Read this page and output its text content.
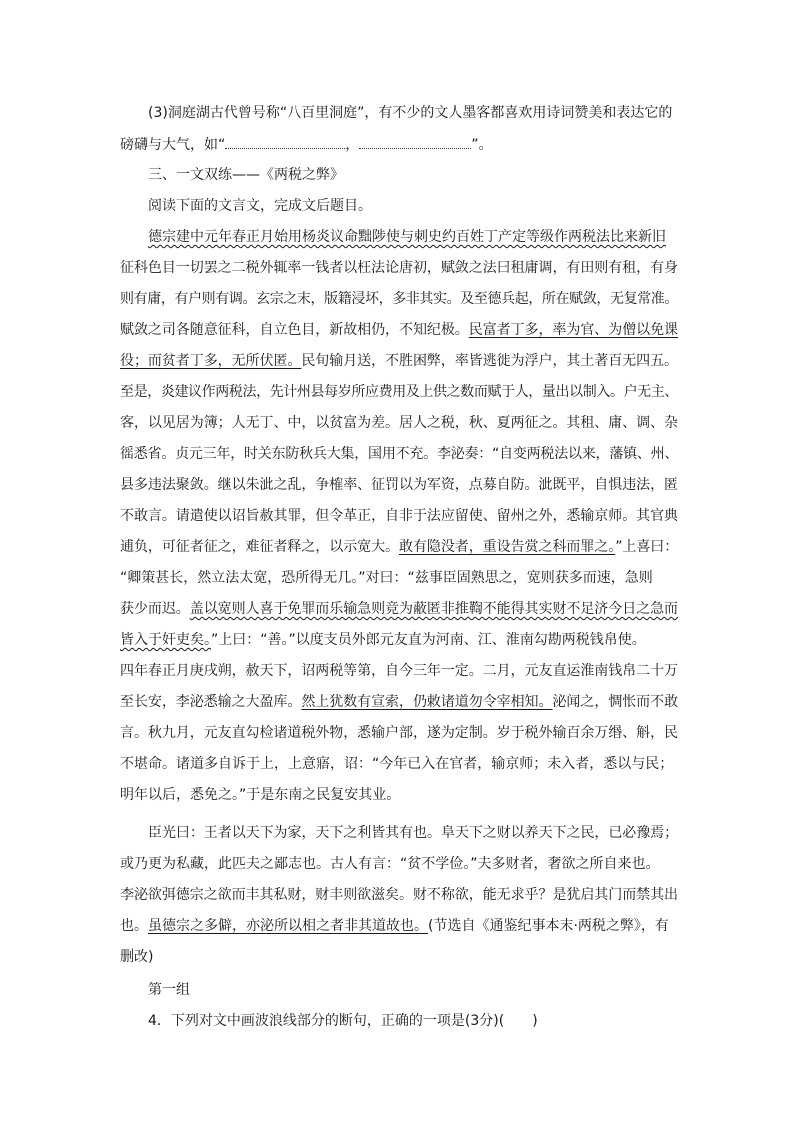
(3)洞庭湖古代曾号称“八百里洞庭”，有不少的文人墨客都喜欢用诗词赞美和表达它的
磅礴与大气，如“	，	”。
三、一文双练——《两税之弊》
阅读下面的文言文，完成文后题目。
德宗建中元年春正月始用杨炎议命黜陟使与刺史约百姓丁产定等级作两税法比来新旧
征科色目一切罢之二税外辄率一钱者以枉法论唐初，赋敛之法曰租庸调，有田则有租，有身
则有庸，有户则有调。玄宗之末，版籍浸坏，多非其实。及至德兵起，所在赋敛，无复常准。
赋敛之司各随意征科，自立色目，新故相仍，不知纪极。民富者丁多，率为官、为僧以免课
役；而贫者丁多，无所伏匿。民旬输月送，不胜困弊，率皆逃徙为浮户，其土著百无四五。
至是，炎建议作两税法，先计州县每岁所应费用及上供之数而赋于人，量出以制入。户无主、
客，以见居为簿；人无丁、中，以贫富为差。居人之税，秋、夏两征之。其租、庸、调、杂
徭悉省。贞元三年，时关东防秋兵大集，国用不充。李泌奏：“自变两税法以来，藩镇、州、
县多违法聚敛。继以朱泚之乱，争榷率、征罚以为军资，点募自防。泚既平，自惧违法，匿
不敢言。请遣使以诏旨赦其罪，但令革正，自非于法应留使、留州之外，悉输京师。其官典
逋负，可征者征之，难征者释之，以示宽大。敢有隐没者，重设告赏之科而罪之。”上喜曰：
“卿策甚长，然立法太宽，恐所得无几。”对曰：“兹事臣固熟思之，宽则获多而速，急则
获少而迟。盖以宽则人喜于免罪而乐输急则竞为蔽匿非推鞫不能得其实财不足济今日之急而
皆入于奸吏矣。”上曰：“善。”以度支员外郎元友直为河南、江、淮南勾勘两税钱帛使。
四年春正月庚戌朔，赦天下，诏两税等第，自今三年一定。二月，元友直运淮南钱帛二十万
至长安，李泌悉输之大盈库。然上犹数有宣索，仍敕诸道勿令宰相知。泌闻之，惆怅而不敢
言。秋九月，元友直勾检诸道税外物，悉输户部，遂为定制。岁于税外输百余万缗、斛，民
不堪命。诸道多自诉于上，上意寤，诏：“今年已入在官者，输京师；未入者，悉以与民；
明年以后，悉免之。”于是东南之民复安其业。
臣光曰：王者以天下为家，天下之利皆其有也。阜天下之财以养天下之民，已必豫焉；
或乃更为私藏，此匹夫之鄙志也。古人有言：“贫不学俭。”夫多财者，奢欲之所自来也。
李泌欲弭德宗之欲而丰其私财，财丰则欲滋矣。财不称欲，能无求乎？是犹启其门而禁其出
也。虽德宗之多僻，亦泌所以相之者非其道故也。(节选自《通鉴纪事本末·两税之弊》，有
删改)
第一组
4．下列对文中画波浪线部分的断句，正确的一项是(3分)(　　)
